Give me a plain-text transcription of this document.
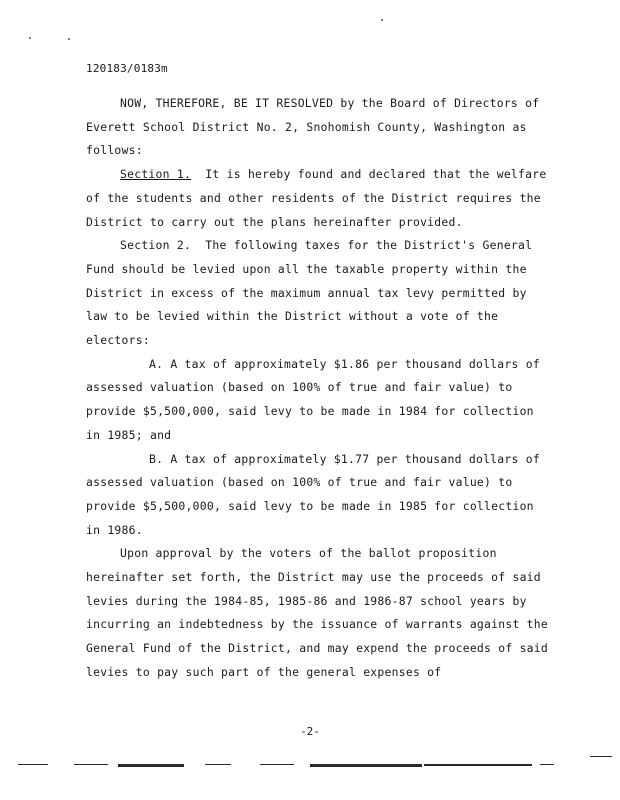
120183/0183m

NOW, THEREFORE, BE IT RESOLVED by the Board of Directors of Everett School District No. 2, Snohomish County, Washington as follows:

Section 1. It is hereby found and declared that the welfare of the students and other residents of the District requires the District to carry out the plans hereinafter provided.

Section 2. The following taxes for the District's General Fund should be levied upon all the taxable property within the District in excess of the maximum annual tax levy permitted by law to be levied within the District without a vote of the electors:

A. A tax of approximately $1.86 per thousand dollars of assessed valuation (based on 100% of true and fair value) to provide $5,500,000, said levy to be made in 1984 for collection in 1985; and

B. A tax of approximately $1.77 per thousand dollars of assessed valuation (based on 100% of true and fair value) to provide $5,500,000, said levy to be made in 1985 for collection in 1986.

Upon approval by the voters of the ballot proposition hereinafter set forth, the District may use the proceeds of said levies during the 1984-85, 1985-86 and 1986-87 school years by incurring an indebtedness by the issuance of warrants against the General Fund of the District, and may expend the proceeds of said levies to pay such part of the general expenses of

-2-
